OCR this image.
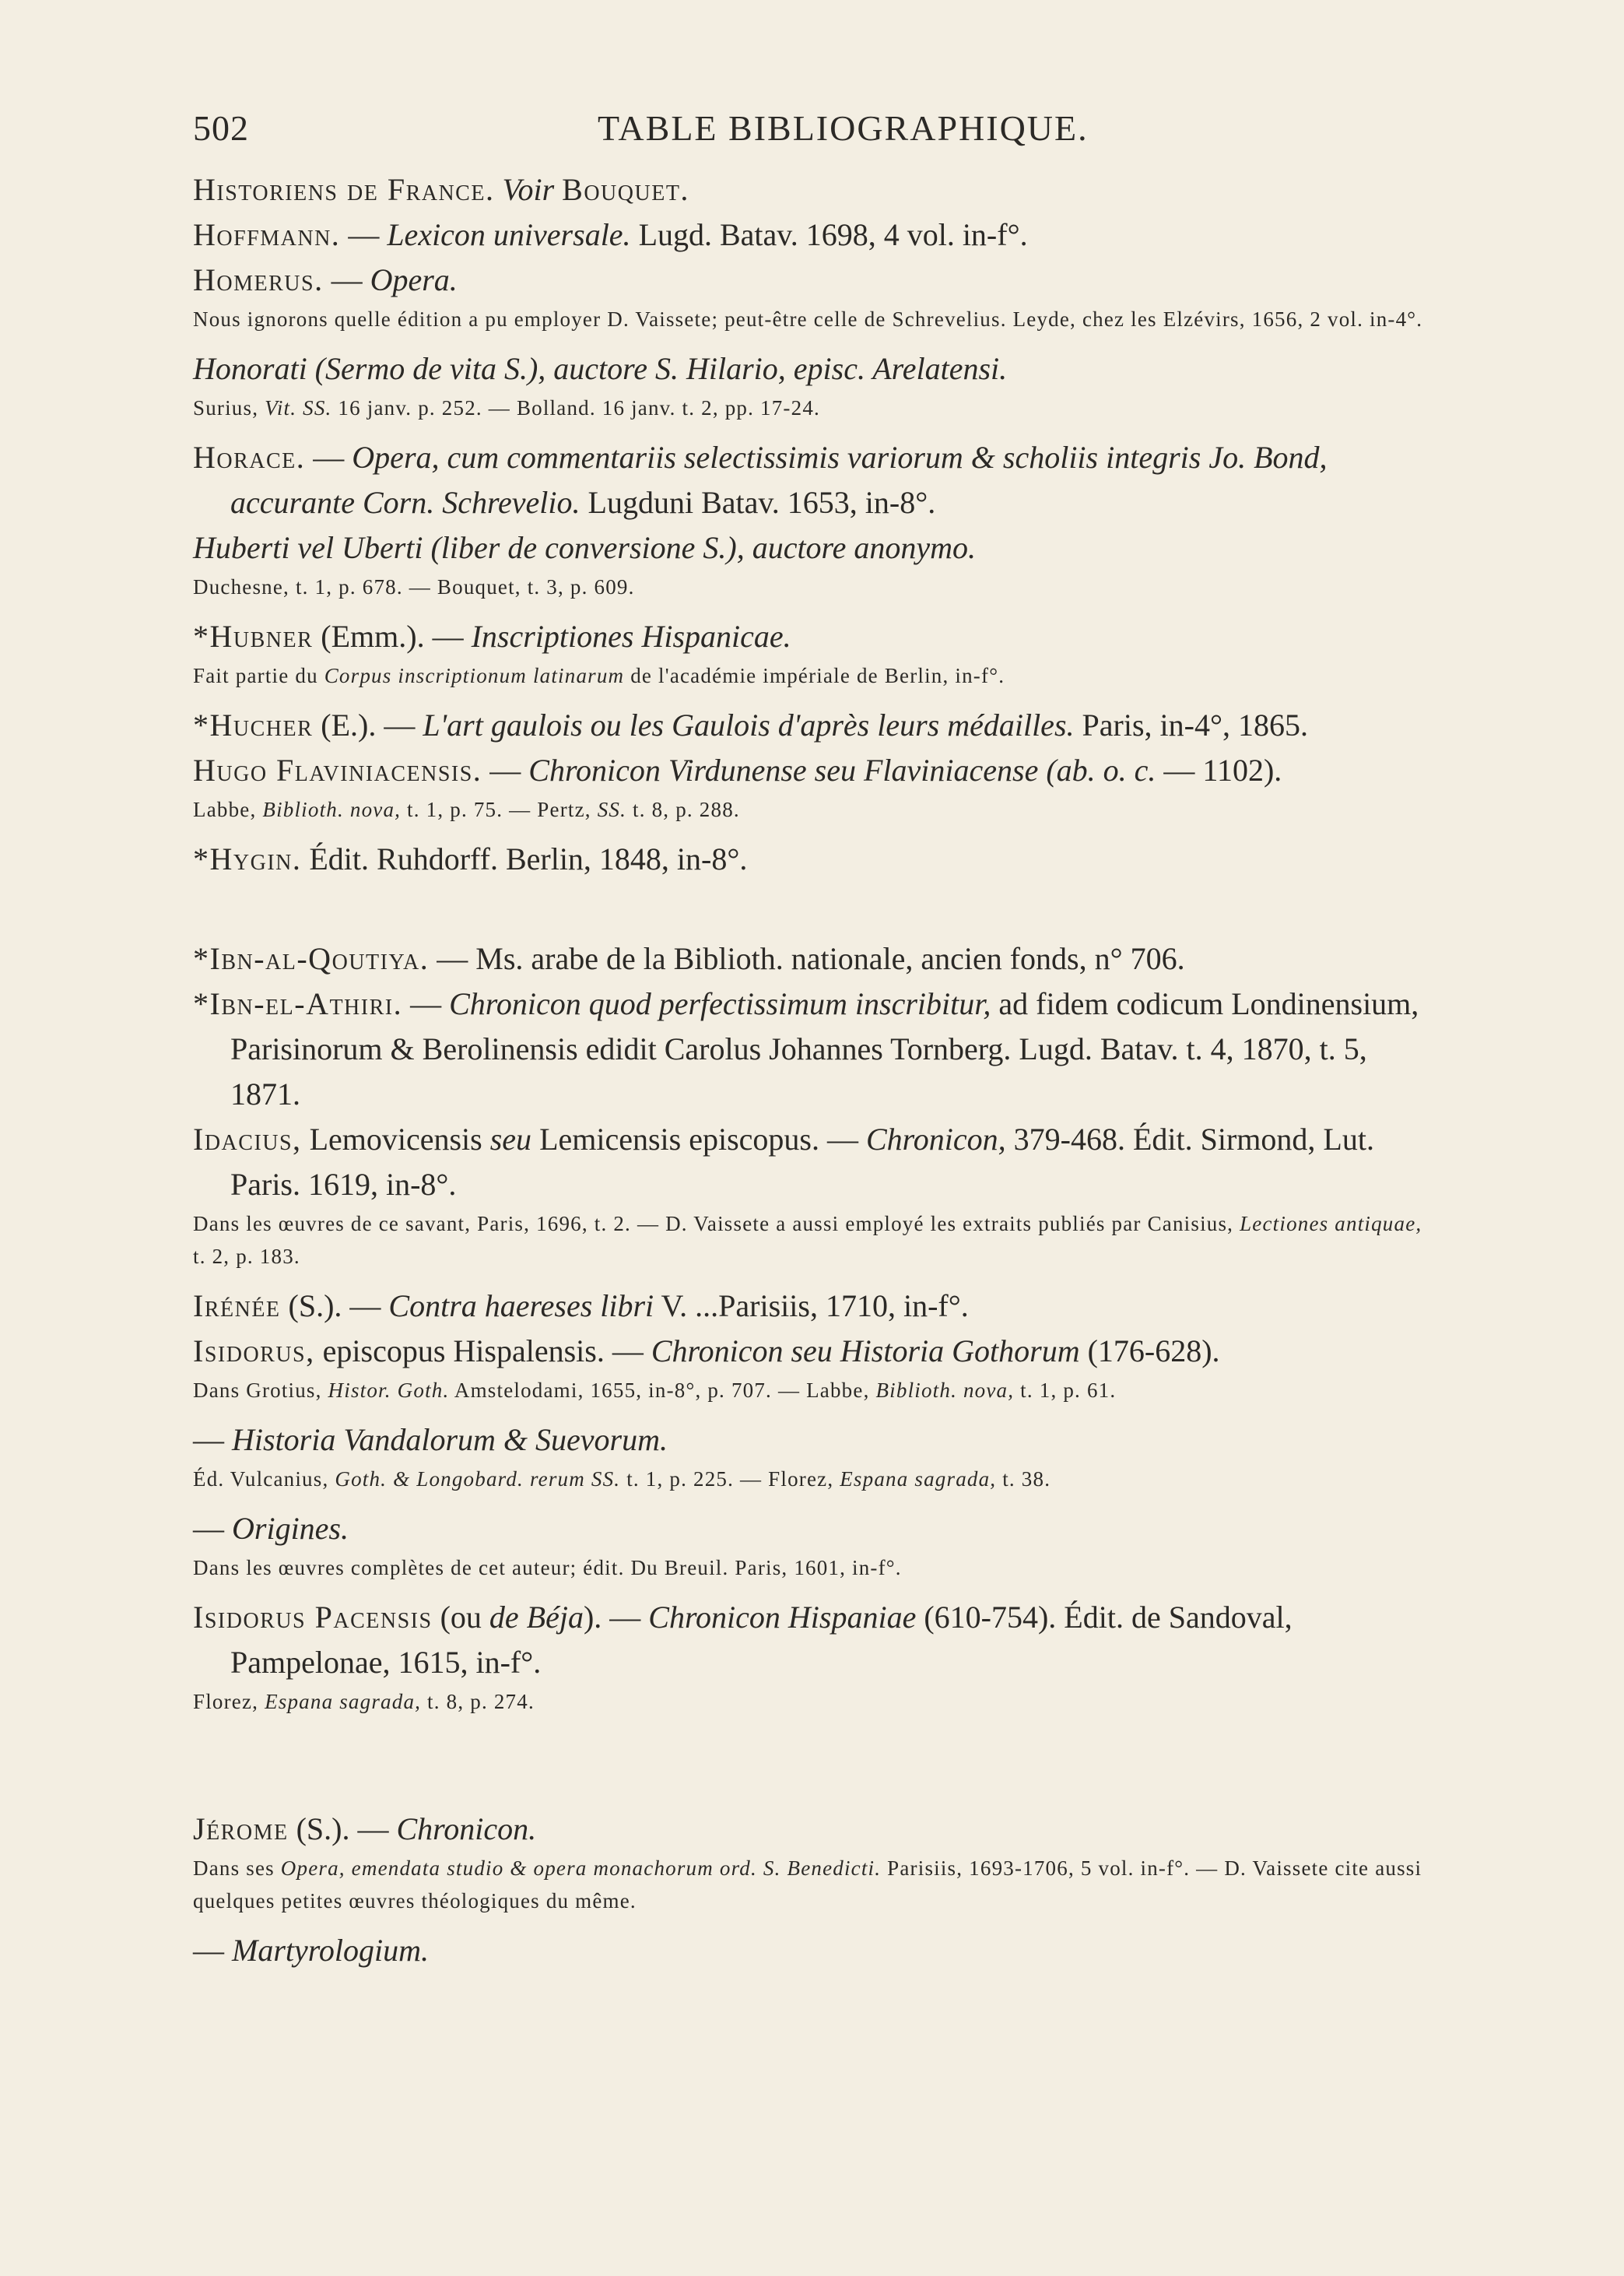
502	TABLE BIBLIOGRAPHIQUE.

Historiens de France. Voir Bouquet.

Hoffmann. — Lexicon universale. Lugd. Batav. 1698, 4 vol. in-f°.

Homerus. — Opera.

Nous ignorons quelle édition a pu employer D. Vaissete; peut-être celle de Schrevelius. Leyde, chez les Elzévirs, 1656, 2 vol. in-4°.

Honorati (Sermo de vita S.), auctore S. Hilario, episc. Arelatensi.

Surius, Vit. SS. 16 janv. p. 252. — Bolland. 16 janv. t. 2, pp. 17-24.

Horace. — Opera, cum commentariis selectissimis variorum & scholiis integris Jo. Bond, accurante Corn. Schrevelio. Lugduni Batav. 1653, in-8°.

Huberti vel Uberti (liber de conversione S.), auctore anonymo.

Duchesne, t. 1, p. 678. — Bouquet, t. 3, p. 609.

*Hubner (Emm.). — Inscriptiones Hispanicae.

Fait partie du Corpus inscriptionum latinarum de l'académie impériale de Berlin, in-f°.

*Hucher (E.). — L'art gaulois ou les Gaulois d'après leurs médailles. Paris, in-4°, 1865.

Hugo Flaviniacensis. — Chronicon Virdunense seu Flaviniacense (ab. o. c. — 1102).

Labbe, Biblioth. nova, t. 1, p. 75. — Pertz, SS. t. 8, p. 288.

*Hygin. Édit. Ruhdorff. Berlin, 1848, in-8°.

*Ibn-al-Qoutiya. — Ms. arabe de la Biblioth. nationale, ancien fonds, n° 706.

*Ibn-el-Athiri. — Chronicon quod perfectissimum inscribitur, ad fidem codicum Londinensium, Parisinorum & Berolinensis edidit Carolus Johannes Tornberg. Lugd. Batav. t. 4, 1870, t. 5, 1871.

Idacius, Lemovicensis seu Lemicensis episcopus. — Chronicon, 379-468. Édit. Sirmond, Lut. Paris. 1619, in-8°.

Dans les œuvres de ce savant, Paris, 1696, t. 2. — D. Vaissete a aussi employé les extraits publiés par Canisius, Lectiones antiquae, t. 2, p. 183.

Irénée (S.). — Contra haereses libri V. ...Parisiis, 1710, in-f°.

Isidorus, episcopus Hispalensis. — Chronicon seu Historia Gothorum (176-628).

Dans Grotius, Histor. Goth. Amstelodami, 1655, in-8°, p. 707. — Labbe, Biblioth. nova, t. 1, p. 61.

— Historia Vandalorum & Suevorum.

Éd. Vulcanius, Goth. & Longobard. rerum SS. t. 1, p. 225. — Florez, Espana sagrada, t. 38.

— Origines.

Dans les œuvres complètes de cet auteur; édit. Du Breuil. Paris, 1601, in-f°.

Isidorus Pacensis (ou de Béja). — Chronicon Hispaniae (610-754). Édit. de Sandoval, Pampelonae, 1615, in-f°.

Florez, Espana sagrada, t. 8, p. 274.

Jérome (S.). — Chronicon.

Dans ses Opera, emendata studio & opera monachorum ord. S. Benedicti. Parisiis, 1693-1706, 5 vol. in-f°. — D. Vaissete cite aussi quelques petites œuvres théologiques du même.

— Martyrologium.
